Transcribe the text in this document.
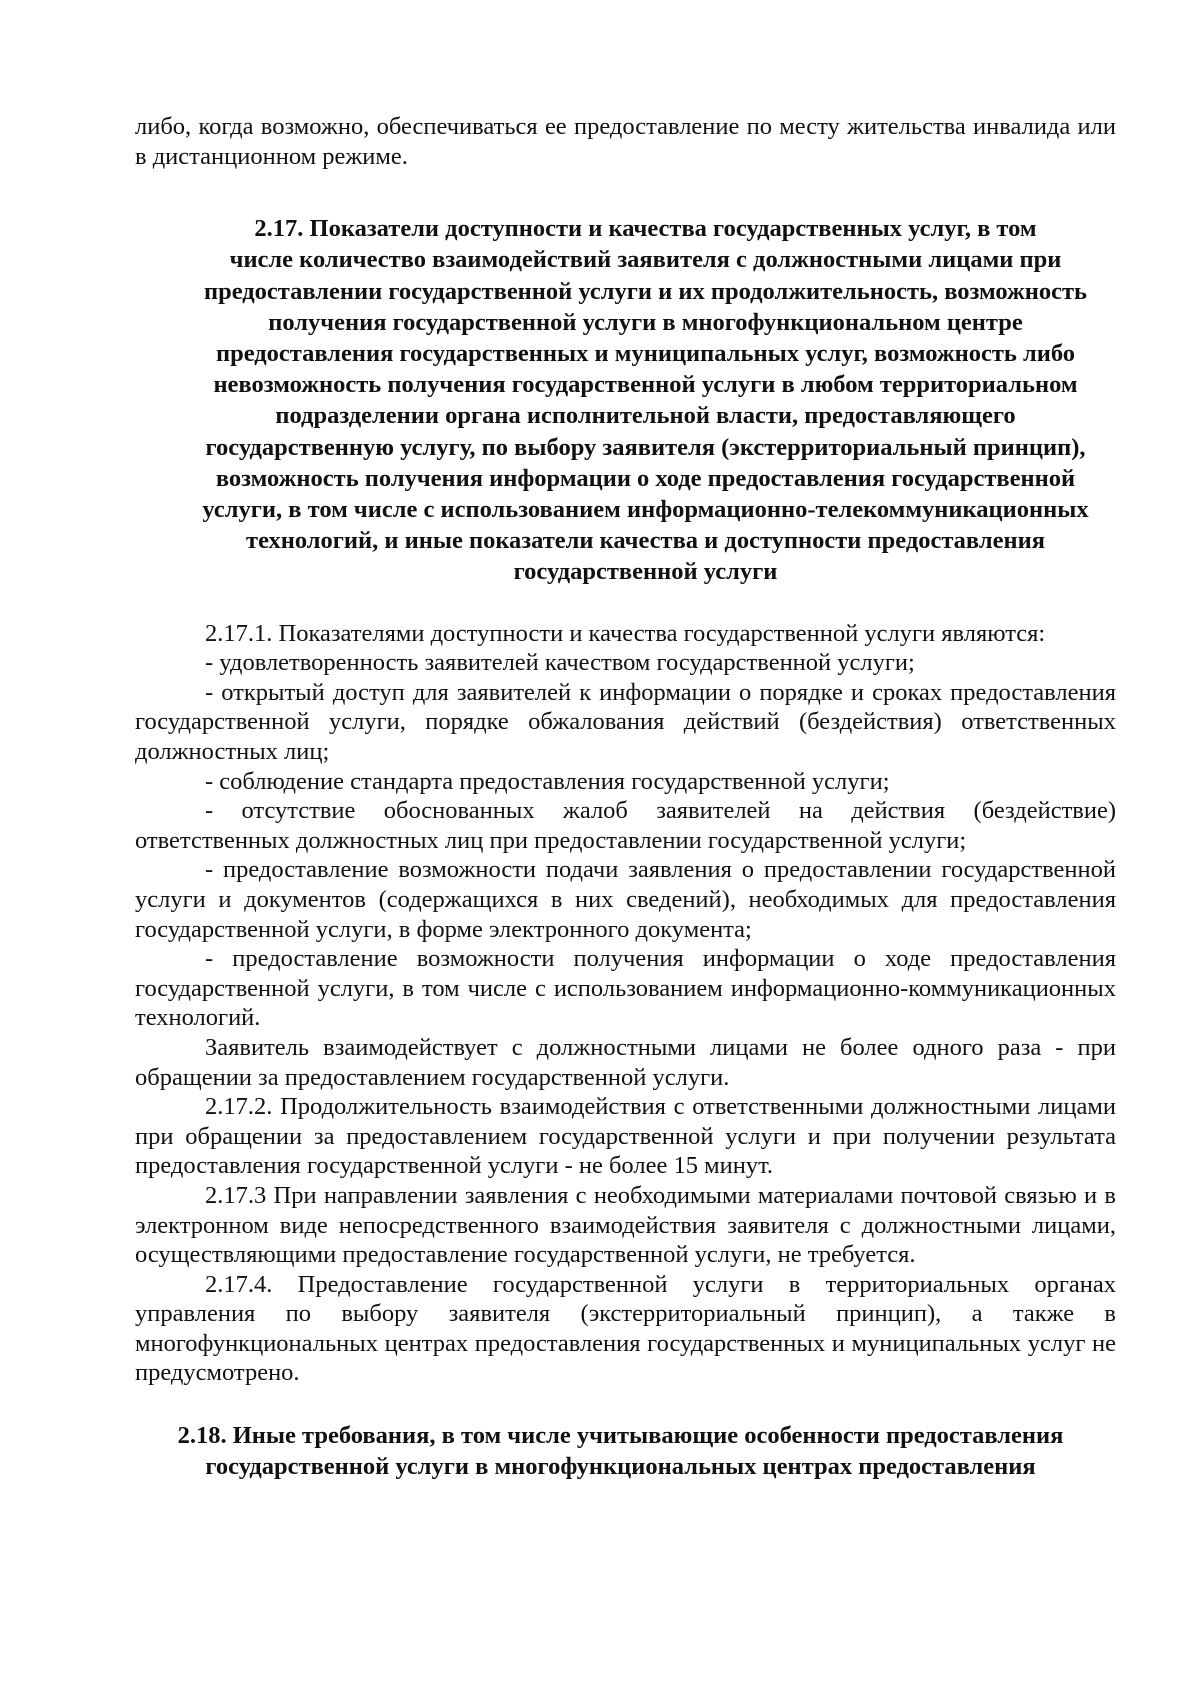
либо, когда возможно, обеспечиваться ее предоставление по месту жительства инвалида или в дистанционном режиме.

2.17. Показатели доступности и качества государственных услуг, в том
числе количество взаимодействий заявителя с должностными лицами при
предоставлении государственной услуги и их продолжительность, возможность
получения государственной услуги в многофункциональном центре
предоставления государственных и муниципальных услуг, возможность либо
невозможность получения государственной услуги в любом территориальном
подразделении органа исполнительной власти, предоставляющего
государственную услугу, по выбору заявителя (экстерриториальный принцип),
возможность получения информации о ходе предоставления государственной
услуги, в том числе с использованием информационно-телекоммуникационных
технологий, и иные показатели качества и доступности предоставления
государственной услуги

2.17.1. Показателями доступности и качества государственной услуги являются:

- удовлетворенность заявителей качеством государственной услуги;

- открытый доступ для заявителей к информации о порядке и сроках предоставления государственной услуги, порядке обжалования действий (бездействия) ответственных должностных лиц;

- соблюдение стандарта предоставления государственной услуги;

- отсутствие обоснованных жалоб заявителей на действия (бездействие) ответственных должностных лиц при предоставлении государственной услуги;

- предоставление возможности подачи заявления о предоставлении государственной услуги и документов (содержащихся в них сведений), необходимых для предоставления государственной услуги, в форме электронного документа;

- предоставление возможности получения информации о ходе предоставления государственной услуги, в том числе с использованием информационно-коммуникационных технологий.

Заявитель взаимодействует с должностными лицами не более одного раза - при обращении за предоставлением государственной услуги.

2.17.2. Продолжительность взаимодействия с ответственными должностными лицами при обращении за предоставлением государственной услуги и при получении результата предоставления государственной услуги - не более 15 минут.

2.17.3 При направлении заявления с необходимыми материалами почтовой связью и в электронном виде непосредственного взаимодействия заявителя с должностными лицами, осуществляющими предоставление государственной услуги, не требуется.

2.17.4. Предоставление государственной услуги в территориальных органах управления по выбору заявителя (экстерриториальный принцип), а также в многофункциональных центрах предоставления государственных и муниципальных услуг не предусмотрено.

2.18. Иные требования, в том числе учитывающие особенности предоставления
государственной услуги в многофункциональных центрах предоставления
